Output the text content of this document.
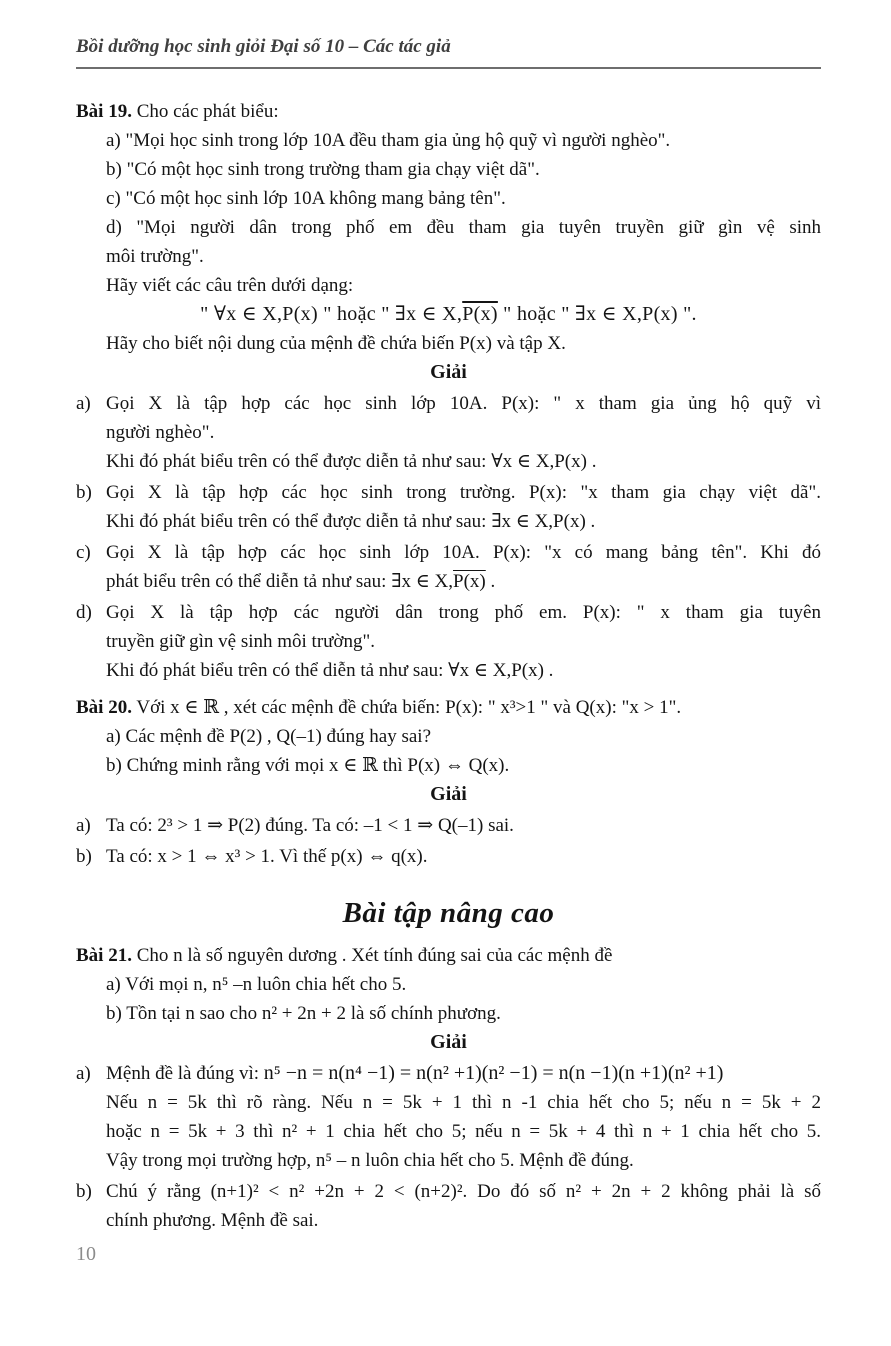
Bồi dưỡng học sinh giỏi Đại số 10 – Các tác giả
Bài 19. Cho các phát biểu:
a) "Mọi học sinh trong lớp 10A đều tham gia ủng hộ quỹ vì người nghèo".
b) "Có một học sinh trong trường tham gia chạy việt dã".
c) "Có một học sinh lớp 10A không mang bảng tên".
d) "Mọi người dân trong phố em đều tham gia tuyên truyền giữ gìn vệ sinh
môi trường".
Hãy viết các câu trên dưới dạng:
" ∀x ∈ X,P(x) " hoặc " ∃x ∈ X,P(x) " hoặc " ∃x ∈ X,P(x) ".
Hãy cho biết nội dung của mệnh đề chứa biến P(x) và tập X.
Giải
a) Gọi X là tập hợp các học sinh lớp 10A. P(x): " x tham gia ủng hộ quỹ vì
người nghèo".
Khi đó phát biểu trên có thể được diễn tả như sau: ∀x ∈ X,P(x) .
b) Gọi X là tập hợp các học sinh trong trường. P(x): "x tham gia chạy việt dã".
Khi đó phát biểu trên có thể được diễn tả như sau: ∃x ∈ X,P(x) .
c) Gọi X là tập hợp các học sinh lớp 10A. P(x): "x có mang bảng tên". Khi đó
phát biểu trên có thể diễn tả như sau: ∃x ∈ X,P(x) .
d) Gọi X là tập hợp các người dân trong phố em. P(x): " x tham gia tuyên
truyền giữ gìn vệ sinh môi trường".
Khi đó phát biểu trên có thể diễn tả như sau: ∀x ∈ X,P(x) .
Bài 20. Với x ∈ ℝ , xét các mệnh đề chứa biến: P(x): " x³>1 " và Q(x): "x > 1".
a) Các mệnh đề P(2) , Q(–1) đúng hay sai?
b) Chứng minh rằng với mọi x ∈ ℝ thì P(x) ⇔ Q(x).
Giải
a) Ta có: 2³ > 1 ⇒ P(2) đúng. Ta có: –1 < 1 ⇒ Q(–1) sai.
b) Ta có: x > 1 ⇔ x³ > 1. Vì thế p(x) ⇔ q(x).
Bài tập nâng cao
Bài 21. Cho n là số nguyên dương . Xét tính đúng sai của các mệnh đề
a) Với mọi n, n⁵ –n luôn chia hết cho 5.
b) Tồn tại n sao cho n² + 2n + 2 là số chính phương.
Giải
a) Mệnh đề là đúng vì: n⁵ −n = n(n⁴ −1) = n(n² +1)(n² −1) = n(n −1)(n +1)(n² +1)
Nếu n = 5k thì rõ ràng. Nếu n = 5k + 1 thì n -1 chia hết cho 5; nếu n = 5k + 2
hoặc n = 5k + 3 thì n² + 1 chia hết cho 5; nếu n = 5k + 4 thì n + 1 chia hết cho 5.
Vậy trong mọi trường hợp, n⁵ – n luôn chia hết cho 5. Mệnh đề đúng.
b) Chú ý rằng (n+1)² < n² +2n + 2 < (n+2)². Do đó số n² + 2n + 2 không phải là số
chính phương. Mệnh đề sai.
10
